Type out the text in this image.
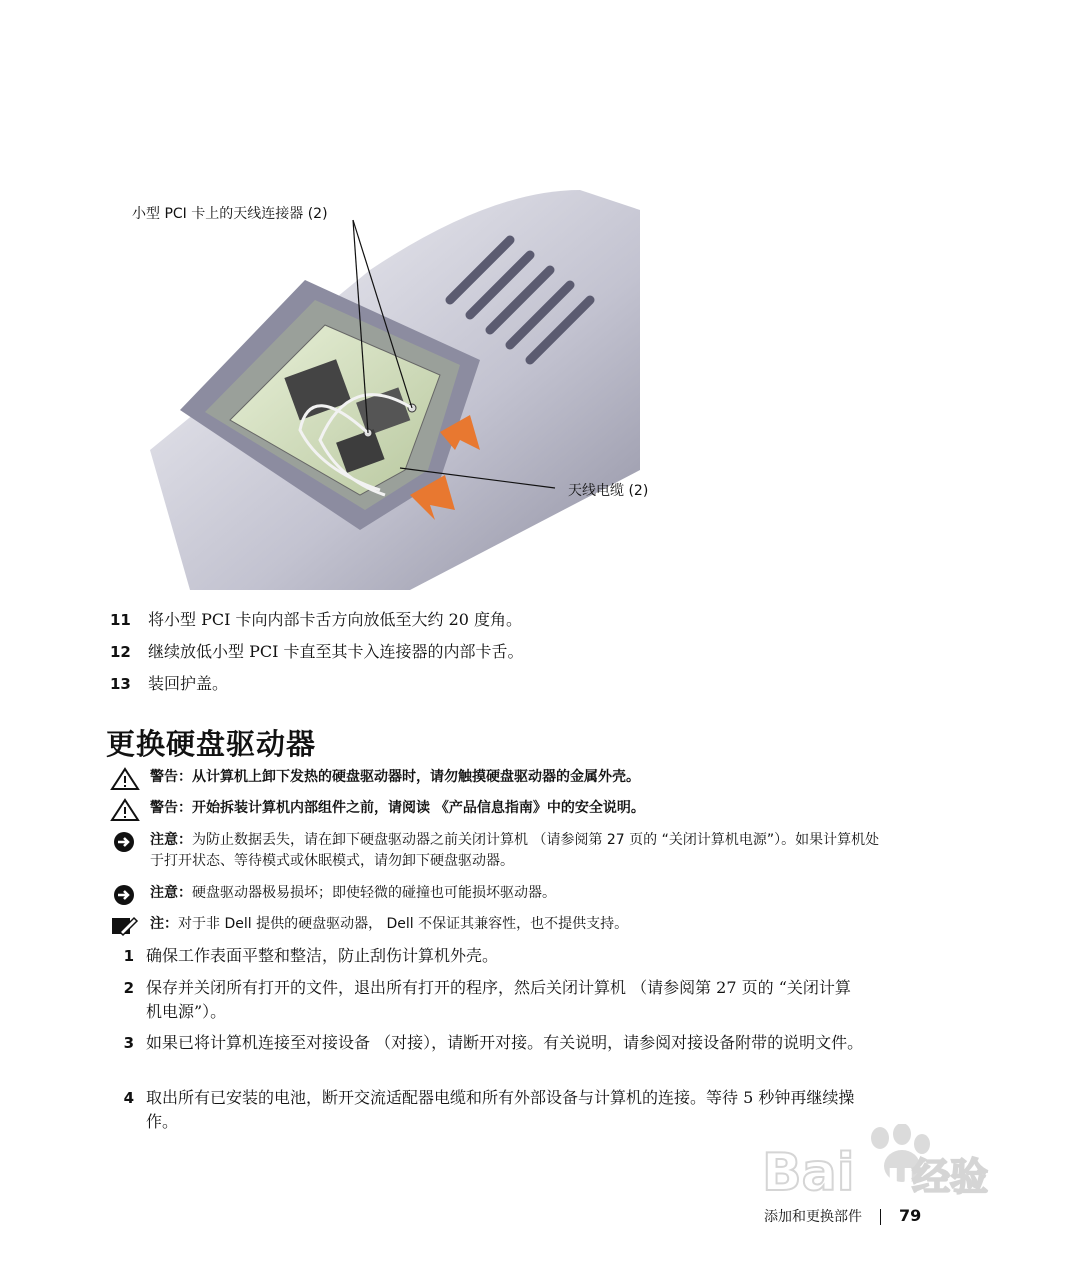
小型 PCI 卡上的天线连接器 (2)
天线电缆 (2)
11 将小型 PCI 卡向内部卡舌方向放低至大约 20 度角。
12 继续放低小型 PCI 卡直至其卡入连接器的内部卡舌。
13 装回护盖。
更换硬盘驱动器
警告：从计算机上卸下发热的硬盘驱动器时，请勿触摸硬盘驱动器的金属外壳。
警告：开始拆装计算机内部组件之前，请阅读 《产品信息指南》中的安全说明。
注意：为防止数据丢失，请在卸下硬盘驱动器之前关闭计算机 （请参阅第 27 页的 “关闭计算机电源”）。如果计算机处于打开状态、等待模式或休眠模式，请勿卸下硬盘驱动器。
注意：硬盘驱动器极易损坏；即使轻微的碰撞也可能损坏驱动器。
注：对于非 Dell 提供的硬盘驱动器， Dell 不保证其兼容性，也不提供支持。
1 确保工作表面平整和整洁，防止刮伤计算机外壳。
2 保存并关闭所有打开的文件，退出所有打开的程序，然后关闭计算机 （请参阅第 27 页的 “关闭计算机电源”）。
3 如果已将计算机连接至对接设备 （对接），请断开对接。有关说明，请参阅对接设备附带的说明文件。
4 取出所有已安装的电池，断开交流适配器电缆和所有外部设备与计算机的连接。等待 5 秒钟再继续操作。
Bai du
经验
添加和更换部件 79
